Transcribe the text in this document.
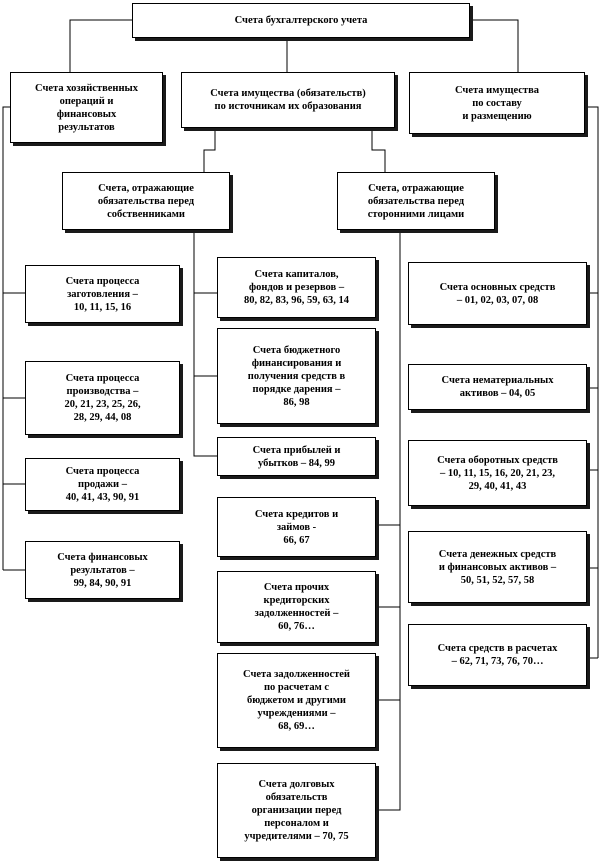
Счета бухгалтерского учета
Счета хозяйственных
операций и
финансовых
результатов
Счета имущества (обязательств)
по источникам их образования
Счета имущества
по составу
и размещению
Счета, отражающие
обязательства перед
собственниками
Счета, отражающие
обязательства перед
сторонними лицами
Счета процесса
заготовления –
10, 11, 15, 16
Счета процесса
производства –
20, 21, 23, 25, 26,
28, 29, 44, 08
Счета процесса
продажи –
40, 41, 43, 90, 91
Счета финансовых
результатов –
99, 84, 90, 91
Счета капиталов,
фондов и резервов –
80, 82, 83, 96, 59, 63, 14
Счета бюджетного
финансирования и
получения средств в
порядке дарения –
86, 98
Счета прибылей и
убытков – 84, 99
Счета кредитов и
займов -
66, 67
Счета прочих
кредиторских
задолженностей –
60, 76…
Счета задолженностей
по расчетам с
бюджетом и другими
учреждениями –
68, 69…
Счета долговых
обязательств
организации перед
персоналом и
учредителями – 70, 75
Счета основных средств
– 01, 02, 03, 07, 08
Счета нематериальных
активов – 04, 05
Счета оборотных средств
– 10, 11, 15, 16, 20, 21, 23,
29, 40, 41, 43
Счета денежных средств
и финансовых активов –
50, 51, 52, 57, 58
Счета средств в расчетах
– 62, 71, 73, 76, 70…
